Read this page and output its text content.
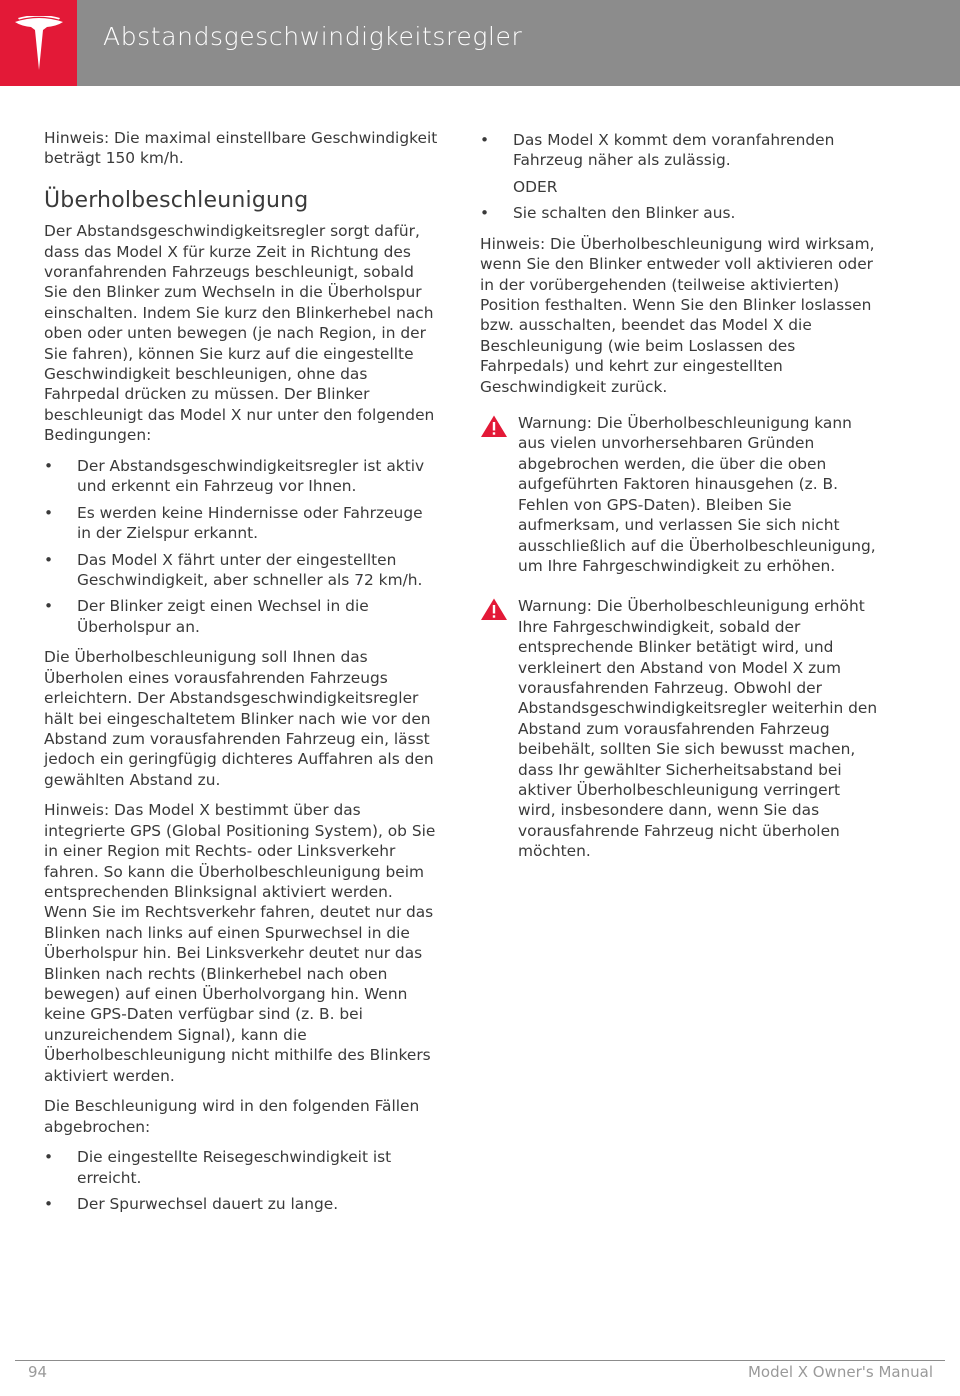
Abstandsgeschwindigkeitsregler

Hinweis: Die maximal einstellbare Geschwindigkeit beträgt 150 km/h.

Überholbeschleunigung

Der Abstandsgeschwindigkeitsregler sorgt dafür, dass das Model X für kurze Zeit in Richtung des voranfahrenden Fahrzeugs beschleunigt, sobald Sie den Blinker zum Wechseln in die Überholspur einschalten. Indem Sie kurz den Blinkerhebel nach oben oder unten bewegen (je nach Region, in der Sie fahren), können Sie kurz auf die eingestellte Geschwindigkeit beschleunigen, ohne das Fahrpedal drücken zu müssen. Der Blinker beschleunigt das Model X nur unter den folgenden Bedingungen:

• Der Abstandsgeschwindigkeitsregler ist aktiv und erkennt ein Fahrzeug vor Ihnen.
• Es werden keine Hindernisse oder Fahrzeuge in der Zielspur erkannt.
• Das Model X fährt unter der eingestellten Geschwindigkeit, aber schneller als 72 km/h.
• Der Blinker zeigt einen Wechsel in die Überholspur an.

Die Überholbeschleunigung soll Ihnen das Überholen eines vorausfahrenden Fahrzeugs erleichtern. Der Abstandsgeschwindigkeitsregler hält bei eingeschaltetem Blinker nach wie vor den Abstand zum vorausfahrenden Fahrzeug ein, lässt jedoch ein geringfügig dichteres Auffahren als den gewählten Abstand zu.

Hinweis: Das Model X bestimmt über das integrierte GPS (Global Positioning System), ob Sie in einer Region mit Rechts- oder Linksverkehr fahren. So kann die Überholbeschleunigung beim entsprechenden Blinksignal aktiviert werden. Wenn Sie im Rechtsverkehr fahren, deutet nur das Blinken nach links auf einen Spurwechsel in die Überholspur hin. Bei Linksverkehr deutet nur das Blinken nach rechts (Blinkerhebel nach oben bewegen) auf einen Überholvorgang hin. Wenn keine GPS-Daten verfügbar sind (z. B. bei unzureichendem Signal), kann die Überholbeschleunigung nicht mithilfe des Blinkers aktiviert werden.

Die Beschleunigung wird in den folgenden Fällen abgebrochen:

• Die eingestellte Reisegeschwindigkeit ist erreicht.
• Der Spurwechsel dauert zu lange.
• Das Model X kommt dem voranfahrenden Fahrzeug näher als zulässig.
ODER
• Sie schalten den Blinker aus.

Hinweis: Die Überholbeschleunigung wird wirksam, wenn Sie den Blinker entweder voll aktivieren oder in der vorübergehenden (teilweise aktivierten) Position festhalten. Wenn Sie den Blinker loslassen bzw. ausschalten, beendet das Model X die Beschleunigung (wie beim Loslassen des Fahrpedals) und kehrt zur eingestellten Geschwindigkeit zurück.

Warnung: Die Überholbeschleunigung kann aus vielen unvorhersehbaren Gründen abgebrochen werden, die über die oben aufgeführten Faktoren hinausgehen (z. B. Fehlen von GPS-Daten). Bleiben Sie aufmerksam, und verlassen Sie sich nicht ausschließlich auf die Überholbeschleunigung, um Ihre Fahrgeschwindigkeit zu erhöhen.
Warnung: Die Überholbeschleunigung erhöht Ihre Fahrgeschwindigkeit, sobald der entsprechende Blinker betätigt wird, und verkleinert den Abstand von Model X zum vorausfahrenden Fahrzeug. Obwohl der Abstandsgeschwindigkeitsregler weiterhin den Abstand zum vorausfahrenden Fahrzeug beibehält, sollten Sie sich bewusst machen, dass Ihr gewählter Sicherheitsabstand bei aktiver Überholbeschleunigung verringert wird, insbesondere dann, wenn Sie das vorausfahrende Fahrzeug nicht überholen möchten.
94	Model X Owner's Manual
